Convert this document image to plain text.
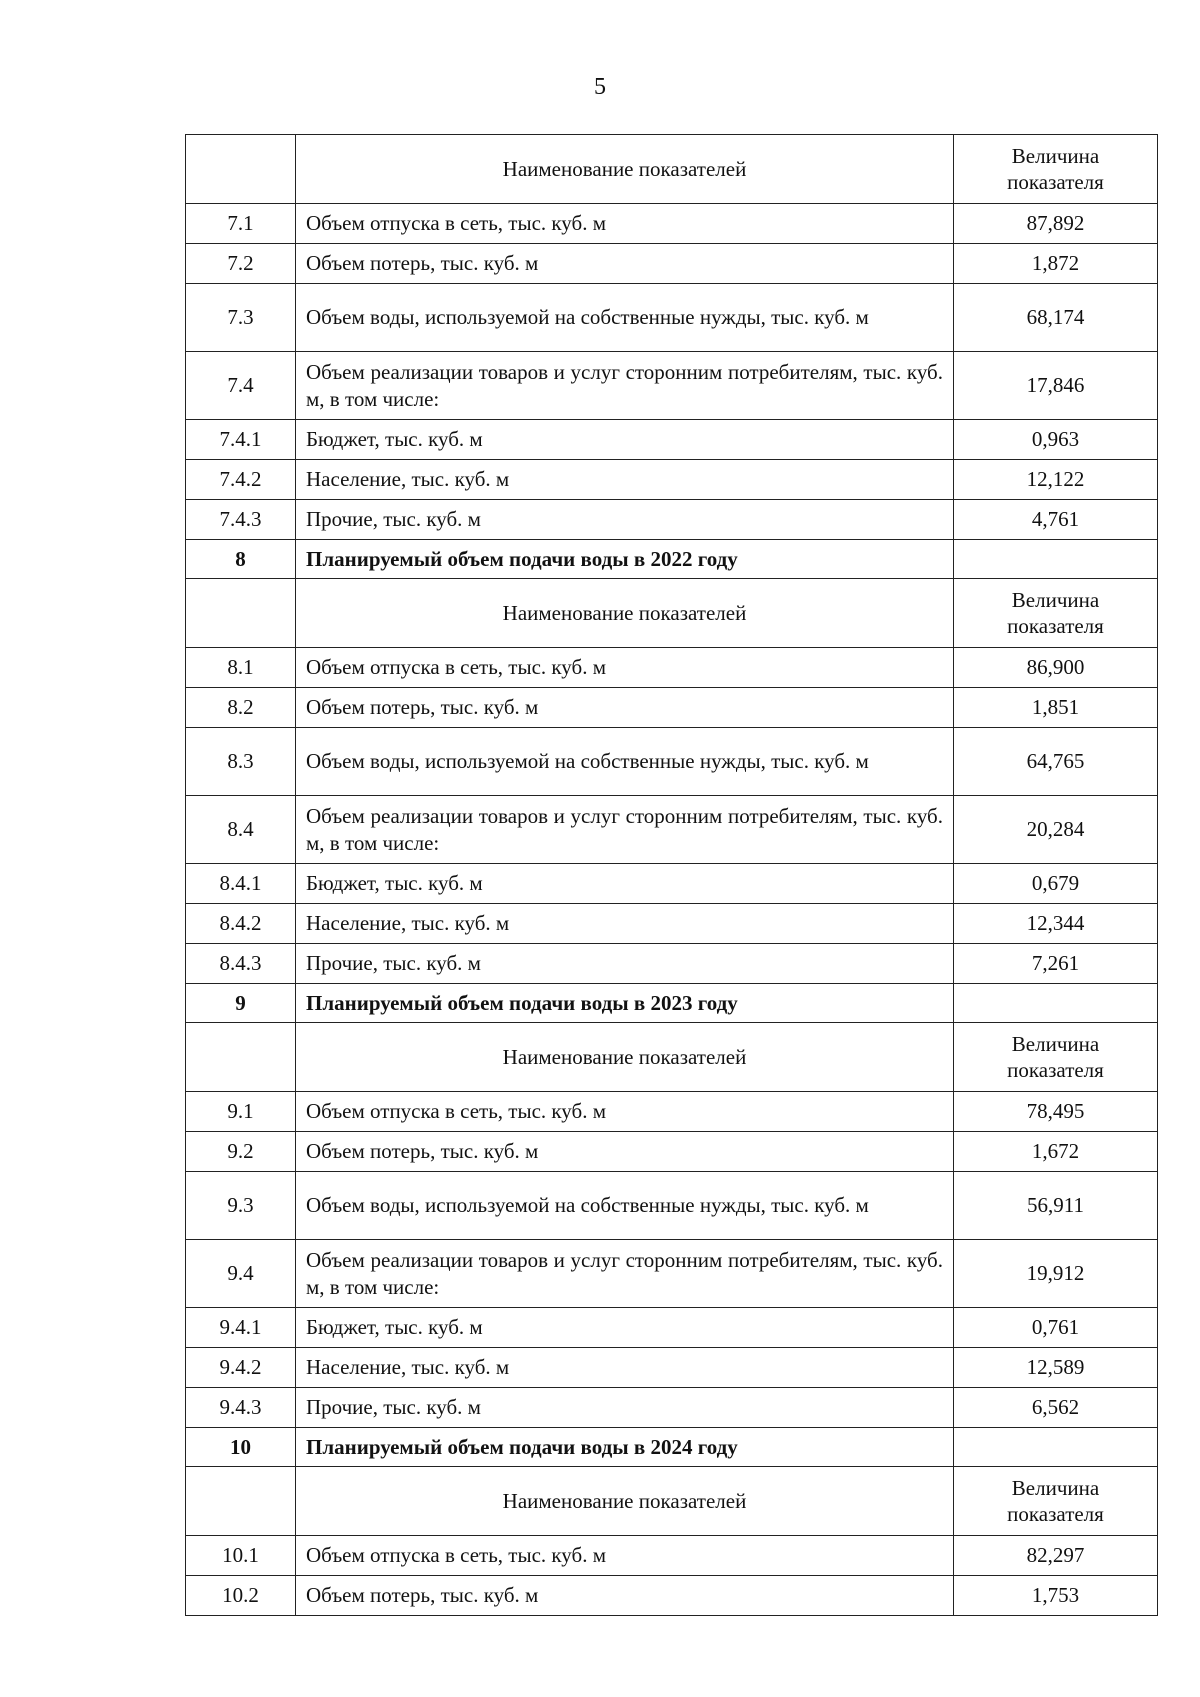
5
	Наименование показателей	Величина показателя
7.1	Объем отпуска в сеть, тыс. куб. м	87,892
7.2	Объем потерь, тыс. куб. м	1,872
7.3	Объем воды, используемой на собственные нужды, тыс. куб. м	68,174
7.4	Объем реализации товаров и услуг сторонним потребителям, тыс. куб. м, в том числе:	17,846
7.4.1	Бюджет, тыс. куб. м	0,963
7.4.2	Население, тыс. куб. м	12,122
7.4.3	Прочие, тыс. куб. м	4,761
8	Планируемый объем подачи воды в 2022 году	
	Наименование показателей	Величина показателя
8.1	Объем отпуска в сеть, тыс. куб. м	86,900
8.2	Объем потерь, тыс. куб. м	1,851
8.3	Объем воды, используемой на собственные нужды, тыс. куб. м	64,765
8.4	Объем реализации товаров и услуг сторонним потребителям, тыс. куб. м, в том числе:	20,284
8.4.1	Бюджет, тыс. куб. м	0,679
8.4.2	Население, тыс. куб. м	12,344
8.4.3	Прочие, тыс. куб. м	7,261
9	Планируемый объем подачи воды в 2023 году	
	Наименование показателей	Величина показателя
9.1	Объем отпуска в сеть, тыс. куб. м	78,495
9.2	Объем потерь, тыс. куб. м	1,672
9.3	Объем воды, используемой на собственные нужды, тыс. куб. м	56,911
9.4	Объем реализации товаров и услуг сторонним потребителям, тыс. куб. м, в том числе:	19,912
9.4.1	Бюджет, тыс. куб. м	0,761
9.4.2	Население, тыс. куб. м	12,589
9.4.3	Прочие, тыс. куб. м	6,562
10	Планируемый объем подачи воды в 2024 году	
	Наименование показателей	Величина показателя
10.1	Объем отпуска в сеть, тыс. куб. м	82,297
10.2	Объем потерь, тыс. куб. м	1,753
